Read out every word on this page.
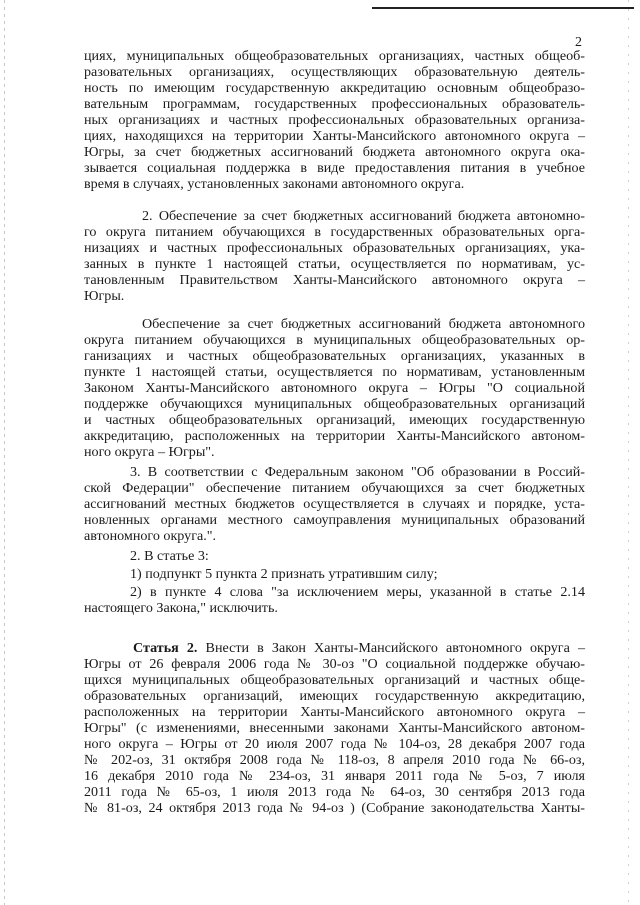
2
циях, муниципальных общеобразовательных организациях, частных общеоб-
разовательных организациях, осуществляющих образовательную деятель-
ность по имеющим государственную аккредитацию основным общеобразо-
вательным программам, государственных профессиональных образователь-
ных организациях и частных профессиональных образовательных организа-
циях, находящихся на территории Ханты-Мансийского автономного округа –
Югры, за счет бюджетных ассигнований бюджета автономного округа ока-
зывается социальная поддержка в виде предоставления питания в учебное
время в случаях, установленных законами автономного округа.
2. Обеспечение за счет бюджетных ассигнований бюджета автономно-
го округа питанием обучающихся в государственных образовательных орга-
низациях и частных профессиональных образовательных организациях, ука-
занных в пункте 1 настоящей статьи, осуществляется по нормативам, ус-
тановленным Правительством Ханты-Мансийского автономного округа –
Югры.
Обеспечение за счет бюджетных ассигнований бюджета автономного
округа питанием обучающихся в муниципальных общеобразовательных ор-
ганизациях и частных общеобразовательных организациях, указанных в
пункте 1 настоящей статьи, осуществляется по нормативам, установленным
Законом Ханты-Мансийского автономного округа – Югры "О социальной
поддержке обучающихся муниципальных общеобразовательных организаций
и частных общеобразовательных организаций, имеющих государственную
аккредитацию, расположенных на территории Ханты-Мансийского автоном-
ного округа – Югры".
3. В соответствии с Федеральным законом "Об образовании в Россий-
ской Федерации" обеспечение питанием обучающихся за счет бюджетных
ассигнований местных бюджетов осуществляется в случаях и порядке, уста-
новленных органами местного самоуправления муниципальных образований
автономного округа.".
2. В статье 3:
1) подпункт 5 пункта 2 признать утратившим силу;
2) в пункте 4 слова "за исключением меры, указанной в статье 2.14
настоящего Закона," исключить.
Статья 2. Внести в Закон Ханты-Мансийского автономного округа –
Югры от 26 февраля 2006 года № 30-оз "О социальной поддержке обучаю-
щихся муниципальных общеобразовательных организаций и частных обще-
образовательных организаций, имеющих государственную аккредитацию,
расположенных на территории Ханты-Мансийского автономного округа –
Югры" (с изменениями, внесенными законами Ханты-Мансийского автоном-
ного округа – Югры от 20 июля 2007 года № 104-оз, 28 декабря 2007 года
№ 202-оз, 31 октября 2008 года № 118-оз, 8 апреля 2010 года № 66-оз,
16 декабря 2010 года № 234-оз, 31 января 2011 года № 5-оз, 7 июля
2011 года № 65-оз, 1 июля 2013 года № 64-оз, 30 сентября 2013 года
№ 81-оз, 24 октября 2013 года № 94-оз ) (Собрание законодательства Ханты-
